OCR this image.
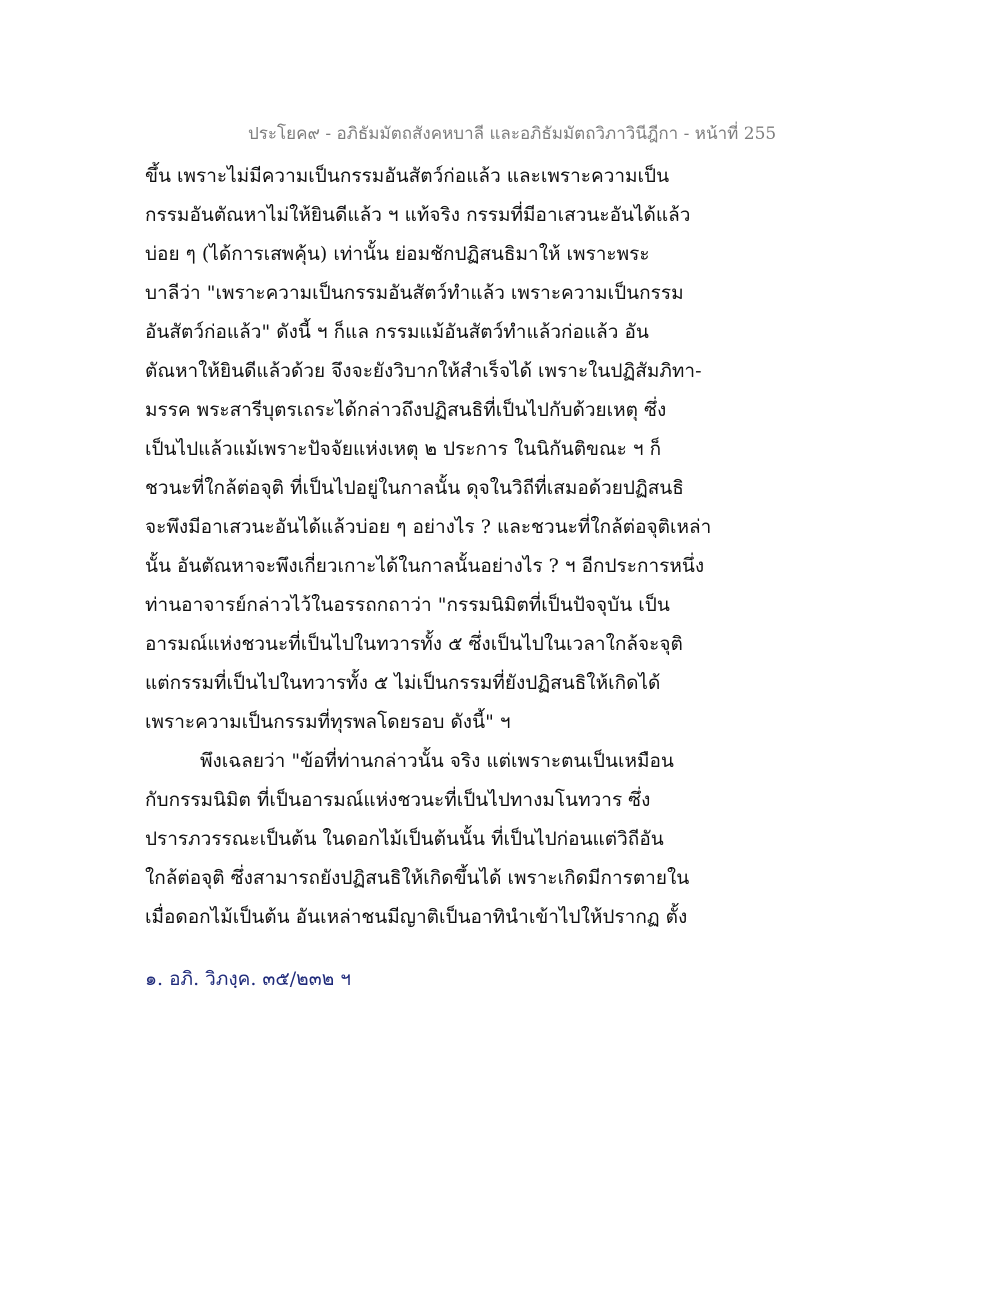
ประโยค๙ - อภิธัมมัตถสังคหบาลี และอภิธัมมัตถวิภาวินีฎีกา - หน้าที่ 255
ขึ้น เพราะไม่มีความเป็นกรรมอันสัตว์ก่อแล้ว และเพราะความเป็น
กรรมอันตัณหาไม่ให้ยินดีแล้ว ฯ แท้จริง กรรมที่มีอาเสวนะอันได้แล้ว
บ่อย ๆ (ได้การเสพคุ้น) เท่านั้น ย่อมชักปฏิสนธิมาให้ เพราะพระ
บาลีว่า "เพราะความเป็นกรรมอันสัตว์ทำแล้ว เพราะความเป็นกรรม
อันสัตว์ก่อแล้ว" ดังนี้ ฯ ก็แล กรรมแม้อันสัตว์ทำแล้วก่อแล้ว อัน
ตัณหาให้ยินดีแล้วด้วย จึงจะยังวิบากให้สำเร็จได้ เพราะในปฏิสัมภิทา-
มรรค พระสารีบุตรเถระได้กล่าวถึงปฏิสนธิที่เป็นไปกับด้วยเหตุ ซึ่ง
เป็นไปแล้วแม้เพราะปัจจัยแห่งเหตุ ๒ ประการ ในนิกันติขณะ ฯ ก็
ชวนะที่ใกล้ต่อจุติ ที่เป็นไปอยู่ในกาลนั้น ดุจในวิถีที่เสมอด้วยปฏิสนธิ
จะพึงมีอาเสวนะอันได้แล้วบ่อย ๆ อย่างไร ? และชวนะที่ใกล้ต่อจุติเหล่า
นั้น อันตัณหาจะพึงเกี่ยวเกาะได้ในกาลนั้นอย่างไร ? ฯ อีกประการหนึ่ง
ท่านอาจารย์กล่าวไว้ในอรรถกถาว่า "กรรมนิมิตที่เป็นปัจจุบัน เป็น
อารมณ์แห่งชวนะที่เป็นไปในทวารทั้ง ๕ ซึ่งเป็นไปในเวลาใกล้จะจุติ
แต่กรรมที่เป็นไปในทวารทั้ง ๕ ไม่เป็นกรรมที่ยังปฏิสนธิให้เกิดได้
เพราะความเป็นกรรมที่ทุรพลโดยรอบ ดังนี้" ฯ
พึงเฉลยว่า "ข้อที่ท่านกล่าวนั้น จริง แต่เพราะตนเป็นเหมือน
กับกรรมนิมิต ที่เป็นอารมณ์แห่งชวนะที่เป็นไปทางมโนทวาร ซึ่ง
ปรารภวรรณะเป็นต้น ในดอกไม้เป็นต้นนั้น ที่เป็นไปก่อนแต่วิถีอัน
ใกล้ต่อจุติ ซึ่งสามารถยังปฏิสนธิให้เกิดขึ้นได้ เพราะเกิดมีการตายใน
เมื่อดอกไม้เป็นต้น อันเหล่าชนมีญาติเป็นอาทินำเข้าไปให้ปรากฏ ตั้ง
๑. อภิ. วิภงฺค. ๓๕/๒๓๒ ฯ
